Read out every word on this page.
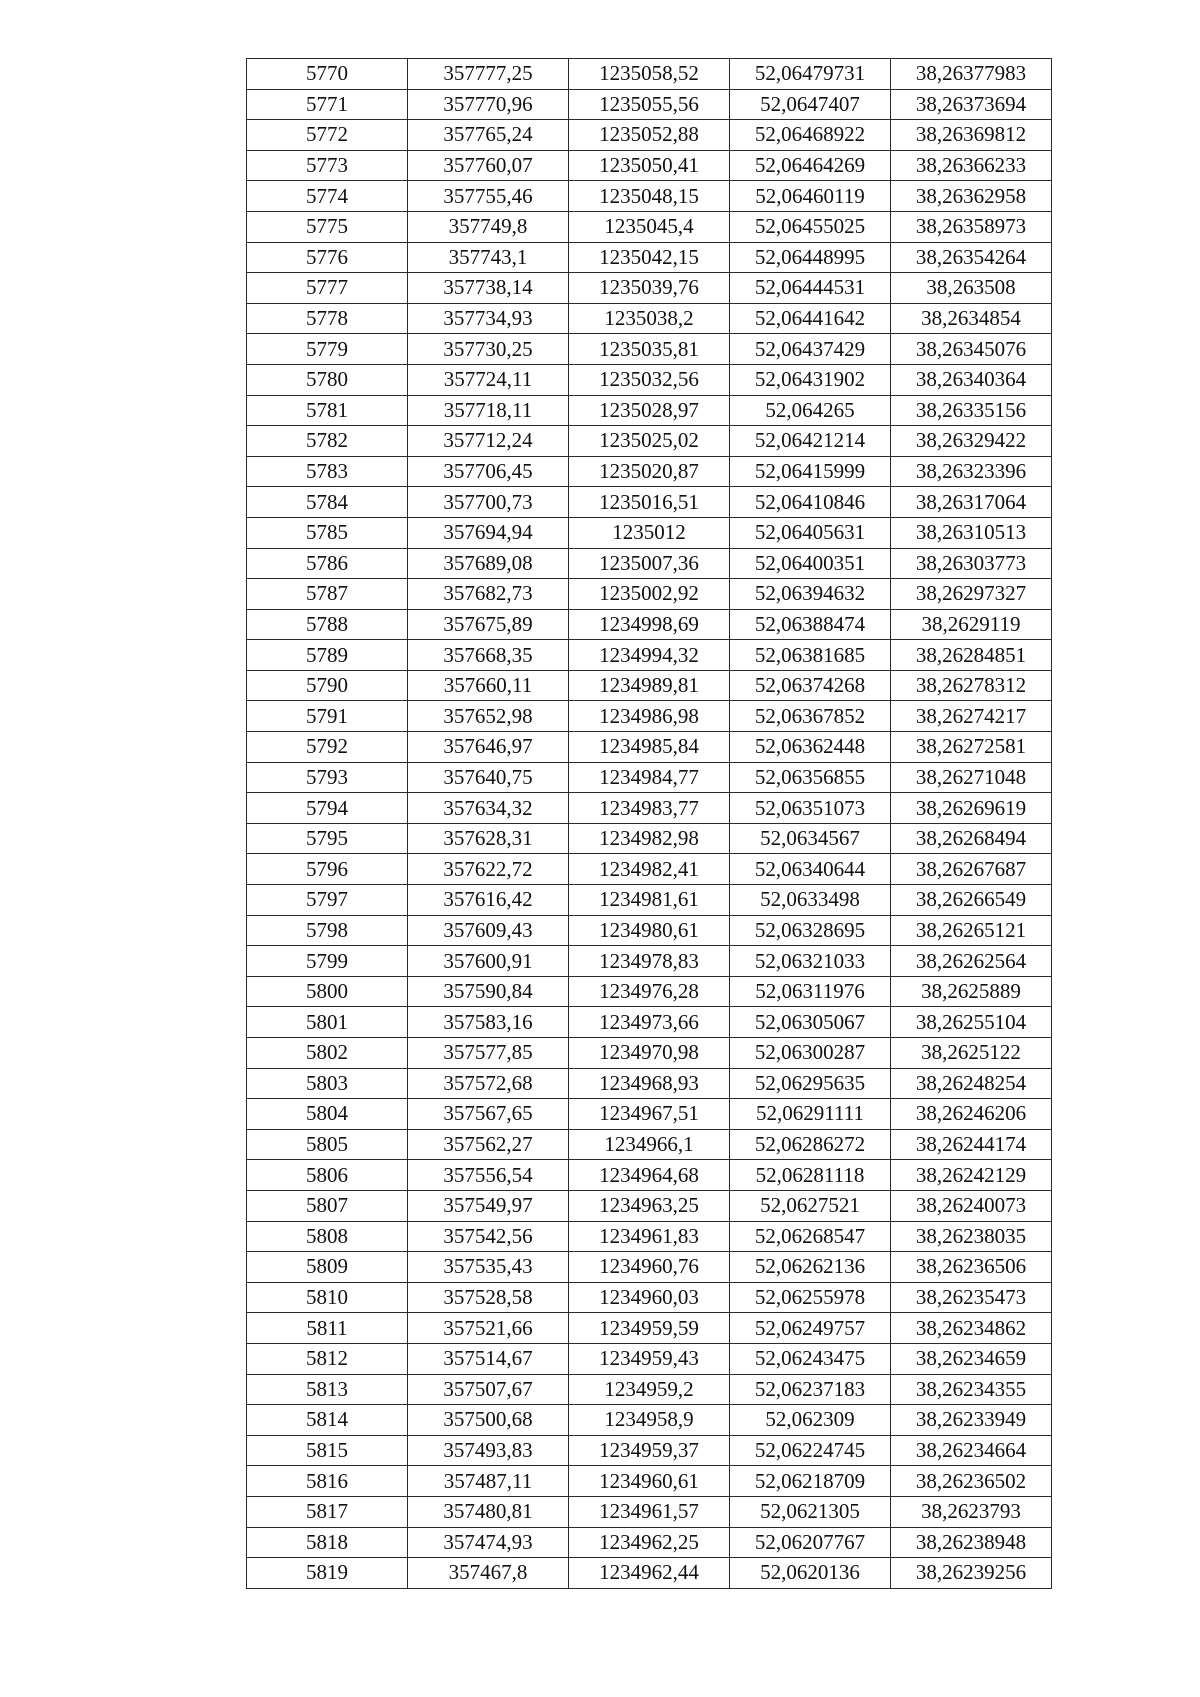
5770	357777,25	1235058,52	52,06479731	38,26377983
5771	357770,96	1235055,56	52,0647407	38,26373694
5772	357765,24	1235052,88	52,06468922	38,26369812
5773	357760,07	1235050,41	52,06464269	38,26366233
5774	357755,46	1235048,15	52,06460119	38,26362958
5775	357749,8	1235045,4	52,06455025	38,26358973
5776	357743,1	1235042,15	52,06448995	38,26354264
5777	357738,14	1235039,76	52,06444531	38,263508
5778	357734,93	1235038,2	52,06441642	38,2634854
5779	357730,25	1235035,81	52,06437429	38,26345076
5780	357724,11	1235032,56	52,06431902	38,26340364
5781	357718,11	1235028,97	52,064265	38,26335156
5782	357712,24	1235025,02	52,06421214	38,26329422
5783	357706,45	1235020,87	52,06415999	38,26323396
5784	357700,73	1235016,51	52,06410846	38,26317064
5785	357694,94	1235012	52,06405631	38,26310513
5786	357689,08	1235007,36	52,06400351	38,26303773
5787	357682,73	1235002,92	52,06394632	38,26297327
5788	357675,89	1234998,69	52,06388474	38,2629119
5789	357668,35	1234994,32	52,06381685	38,26284851
5790	357660,11	1234989,81	52,06374268	38,26278312
5791	357652,98	1234986,98	52,06367852	38,26274217
5792	357646,97	1234985,84	52,06362448	38,26272581
5793	357640,75	1234984,77	52,06356855	38,26271048
5794	357634,32	1234983,77	52,06351073	38,26269619
5795	357628,31	1234982,98	52,0634567	38,26268494
5796	357622,72	1234982,41	52,06340644	38,26267687
5797	357616,42	1234981,61	52,0633498	38,26266549
5798	357609,43	1234980,61	52,06328695	38,26265121
5799	357600,91	1234978,83	52,06321033	38,26262564
5800	357590,84	1234976,28	52,06311976	38,2625889
5801	357583,16	1234973,66	52,06305067	38,26255104
5802	357577,85	1234970,98	52,06300287	38,2625122
5803	357572,68	1234968,93	52,06295635	38,26248254
5804	357567,65	1234967,51	52,06291111	38,26246206
5805	357562,27	1234966,1	52,06286272	38,26244174
5806	357556,54	1234964,68	52,06281118	38,26242129
5807	357549,97	1234963,25	52,0627521	38,26240073
5808	357542,56	1234961,83	52,06268547	38,26238035
5809	357535,43	1234960,76	52,06262136	38,26236506
5810	357528,58	1234960,03	52,06255978	38,26235473
5811	357521,66	1234959,59	52,06249757	38,26234862
5812	357514,67	1234959,43	52,06243475	38,26234659
5813	357507,67	1234959,2	52,06237183	38,26234355
5814	357500,68	1234958,9	52,062309	38,26233949
5815	357493,83	1234959,37	52,06224745	38,26234664
5816	357487,11	1234960,61	52,06218709	38,26236502
5817	357480,81	1234961,57	52,0621305	38,2623793
5818	357474,93	1234962,25	52,06207767	38,26238948
5819	357467,8	1234962,44	52,0620136	38,26239256
